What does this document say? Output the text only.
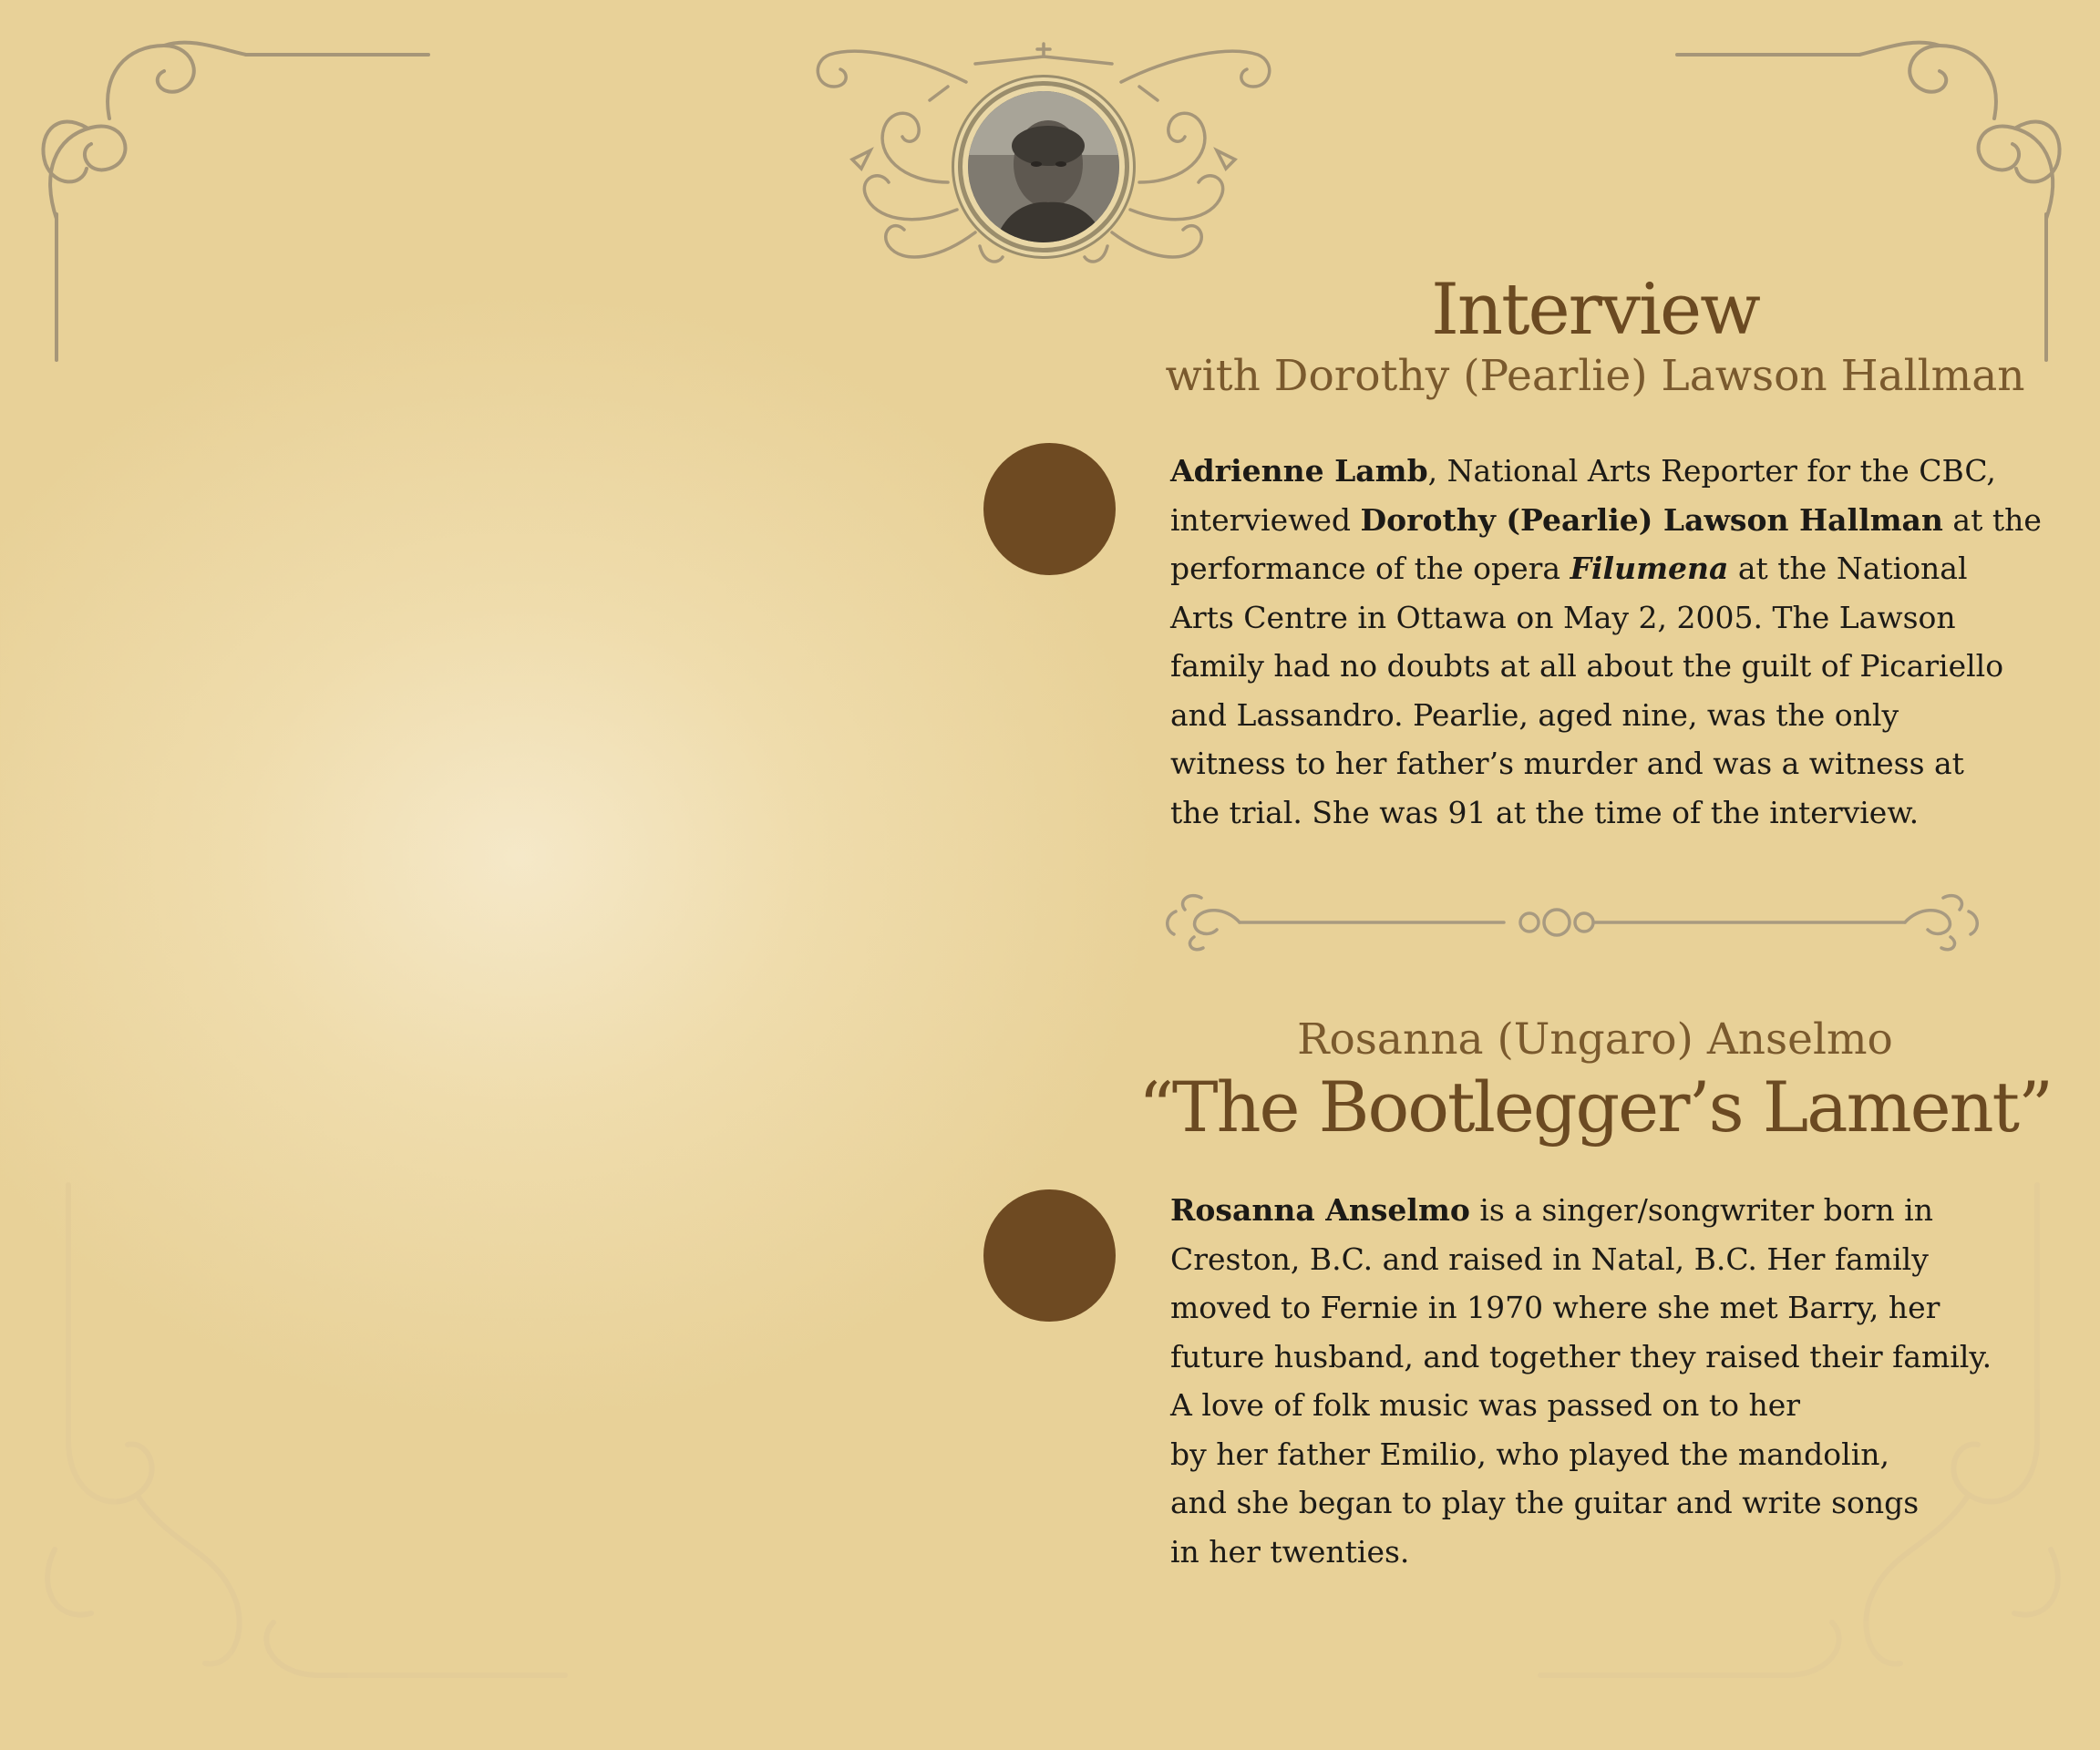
Interview
with Dorothy (Pearlie) Lawson Hallman
Adrienne Lamb, National Arts Reporter for the CBC,
interviewed Dorothy (Pearlie) Lawson Hallman at the
performance of the opera Filumena at the National
Arts Centre in Ottawa on May 2, 2005. The Lawson
family had no doubts at all about the guilt of Picariello
and Lassandro. Pearlie, aged nine, was the only
witness to her father’s murder and was a witness at
the trial. She was 91 at the time of the interview.
Rosanna (Ungaro) Anselmo
“The Bootlegger’s Lament”
Rosanna Anselmo is a singer/songwriter born in
Creston, B.C. and raised in Natal, B.C. Her family
moved to Fernie in 1970 where she met Barry, her
future husband, and together they raised their family.
A love of folk music was passed on to her
by her father Emilio, who played the mandolin,
and she began to play the guitar and write songs
in her twenties.
